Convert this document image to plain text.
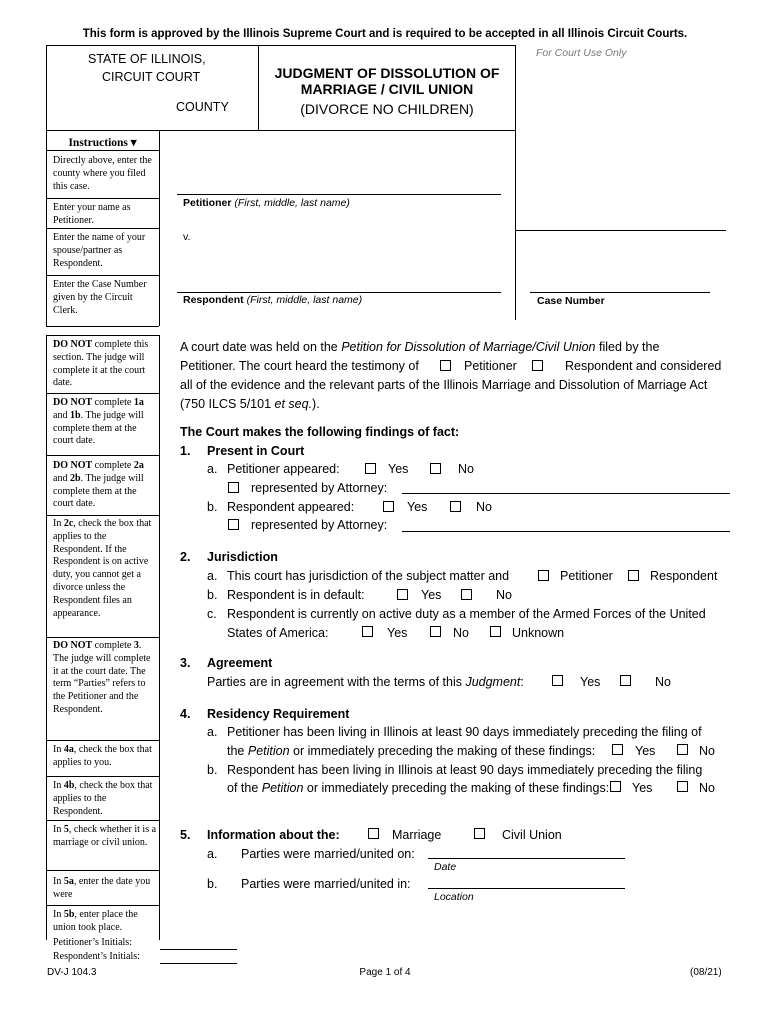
This form is approved by the Illinois Supreme Court and is required to be accepted in all Illinois Circuit Courts.
STATE OF ILLINOIS,
CIRCUIT COURT
COUNTY
JUDGMENT OF DISSOLUTION OF
MARRIAGE / CIVIL UNION
(DIVORCE NO CHILDREN)
For Court Use Only
Instructions ▾
Directly above, enter the county where you filed this case.
Enter your name as Petitioner.
Enter the name of your spouse/partner as Respondent.
Enter the Case Number given by the Circuit Clerk.
Petitioner (First, middle, last name)
v.
Respondent (First, middle, last name)	Case Number
DO NOT complete this section. The judge will complete it at the court date.
DO NOT complete 1a and 1b. The judge will complete them at the court date.
DO NOT complete 2a and 2b. The judge will complete them at the court date.
In 2c, check the box that applies to the Respondent. If the Respondent is on active duty, you cannot get a divorce unless the Respondent files an appearance.
DO NOT complete 3. The judge will complete it at the court date. The term “Parties” refers to the Petitioner and the Respondent.
In 4a, check the box that applies to you.
In 4b, check the box that applies to the Respondent.
In 5, check whether it is a marriage or civil union.
In 5a, enter the date you were
In 5b, enter place the union took place.
A court date was held on the Petition for Dissolution of Marriage/Civil Union filed by the
Petitioner. The court heard the testimony of	Petitioner	Respondent and considered
all of the evidence and the relevant parts of the Illinois Marriage and Dissolution of Marriage Act
(750 ILCS 5/101 et seq.).
The Court makes the following findings of fact:
1. Present in Court
a. Petitioner appeared:	Yes	No
represented by Attorney:
b. Respondent appeared:	Yes	No
represented by Attorney:
2. Jurisdiction
a. This court has jurisdiction of the subject matter and	Petitioner	Respondent
b. Respondent is in default:	Yes	No
c. Respondent is currently on active duty as a member of the Armed Forces of the United
States of America:	Yes	No	Unknown
3. Agreement
Parties are in agreement with the terms of this Judgment:	Yes	No
4. Residency Requirement
a. Petitioner has been living in Illinois at least 90 days immediately preceding the filing of
the Petition or immediately preceding the making of these findings:	Yes	No
b. Respondent has been living in Illinois at least 90 days immediately preceding the filing
of the Petition or immediately preceding the making of these findings: Yes	No
5. Information about the:	Marriage	Civil Union
a. Parties were married/united on:
Date
b. Parties were married/united in:
Location
Petitioner’s Initials:
Respondent’s Initials:
DV-J 104.3	Page 1 of 4	(08/21)
